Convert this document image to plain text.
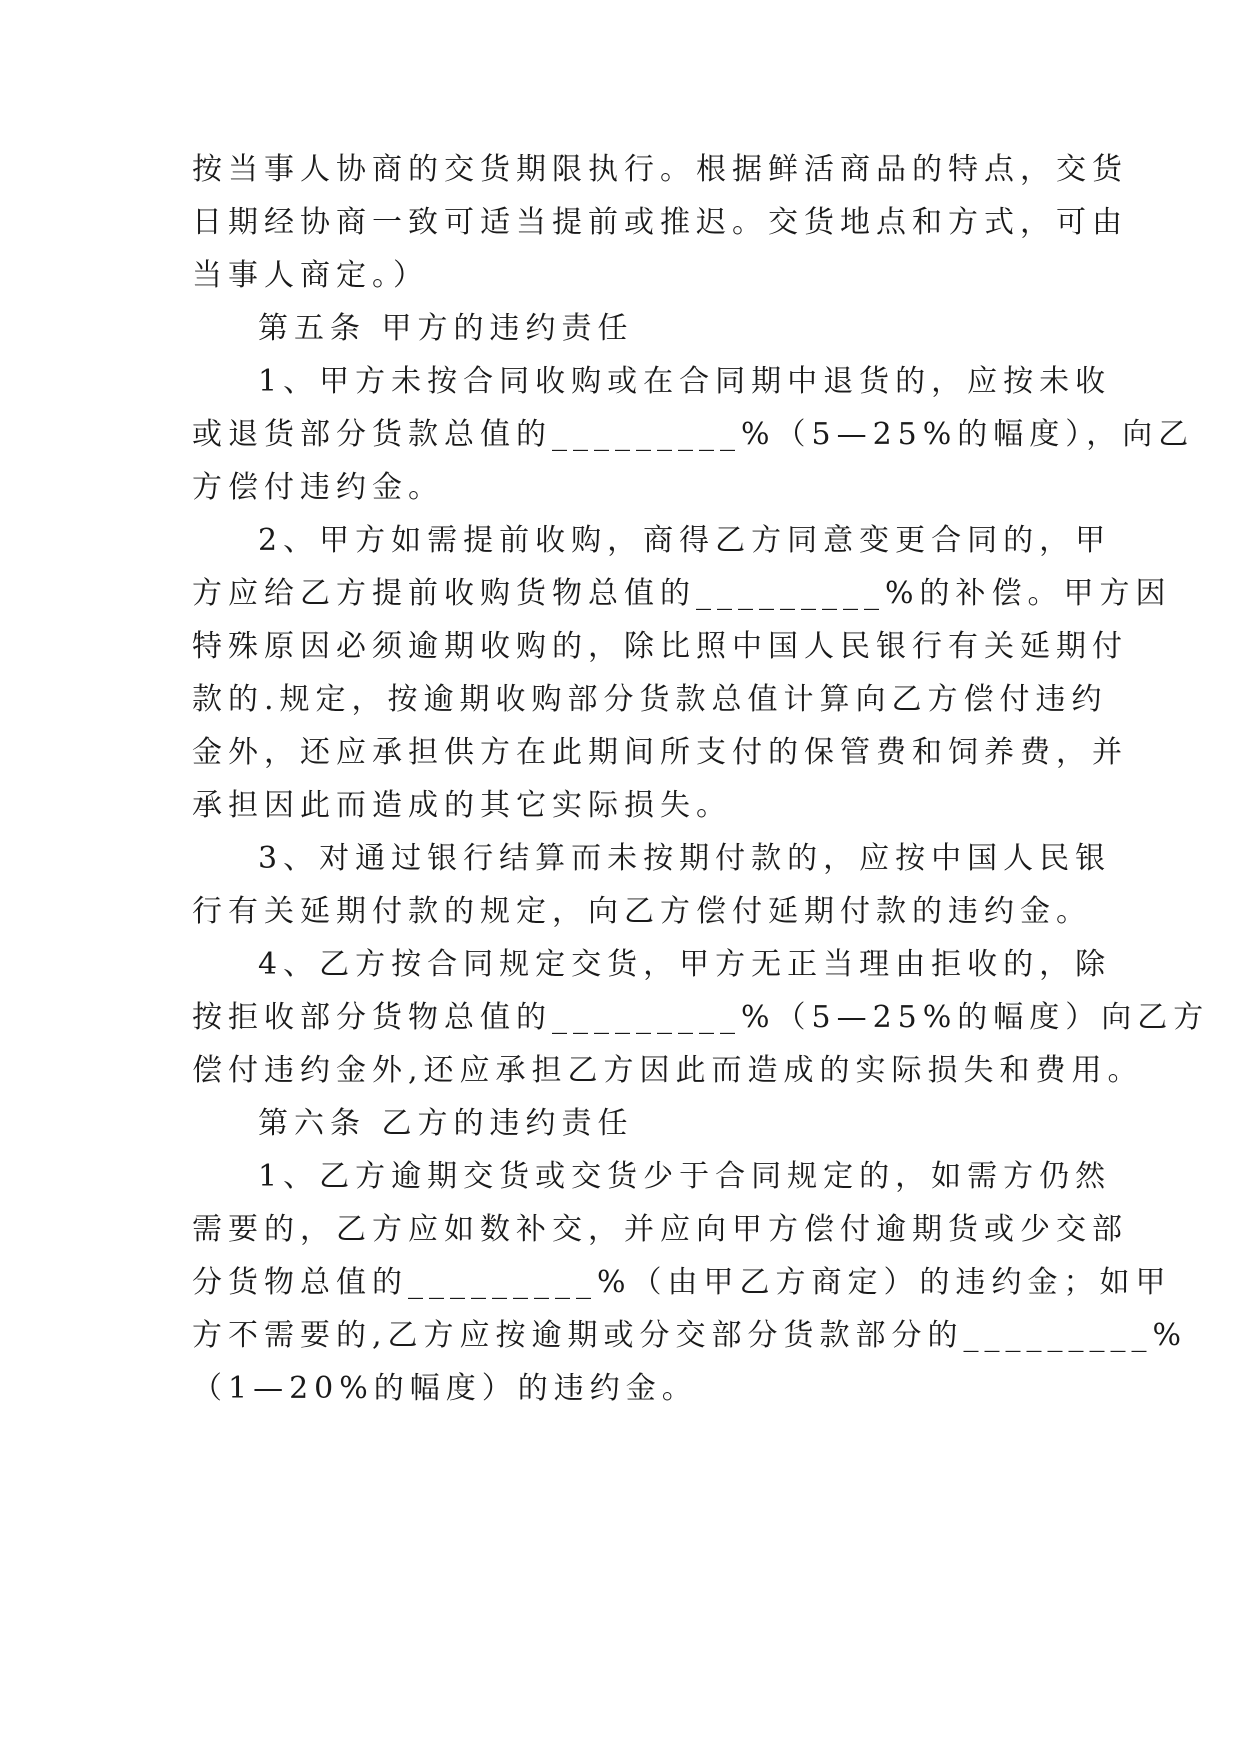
按当事人协商的交货期限执行。根据鲜活商品的特点，交货
日期经协商一致可适当提前或推迟。交货地点和方式，可由
当事人商定。）
第五条 甲方的违约责任
1、甲方未按合同收购或在合同期中退货的，应按未收
或退货部分货款总值的_________%（5—25%的幅度），向乙
方偿付违约金。
2、甲方如需提前收购，商得乙方同意变更合同的，甲
方应给乙方提前收购货物总值的_________%的补偿。甲方因
特殊原因必须逾期收购的，除比照中国人民银行有关延期付
款的.规定，按逾期收购部分货款总值计算向乙方偿付违约
金外，还应承担供方在此期间所支付的保管费和饲养费，并
承担因此而造成的其它实际损失。
3、对通过银行结算而未按期付款的，应按中国人民银
行有关延期付款的规定，向乙方偿付延期付款的违约金。
4、乙方按合同规定交货，甲方无正当理由拒收的，除
按拒收部分货物总值的_________%（5—25%的幅度）向乙方
偿付违约金外,还应承担乙方因此而造成的实际损失和费用。
第六条 乙方的违约责任
1、乙方逾期交货或交货少于合同规定的，如需方仍然
需要的，乙方应如数补交，并应向甲方偿付逾期货或少交部
分货物总值的_________%（由甲乙方商定）的违约金；如甲
方不需要的,乙方应按逾期或分交部分货款部分的_________%
（1—20%的幅度）的违约金。
